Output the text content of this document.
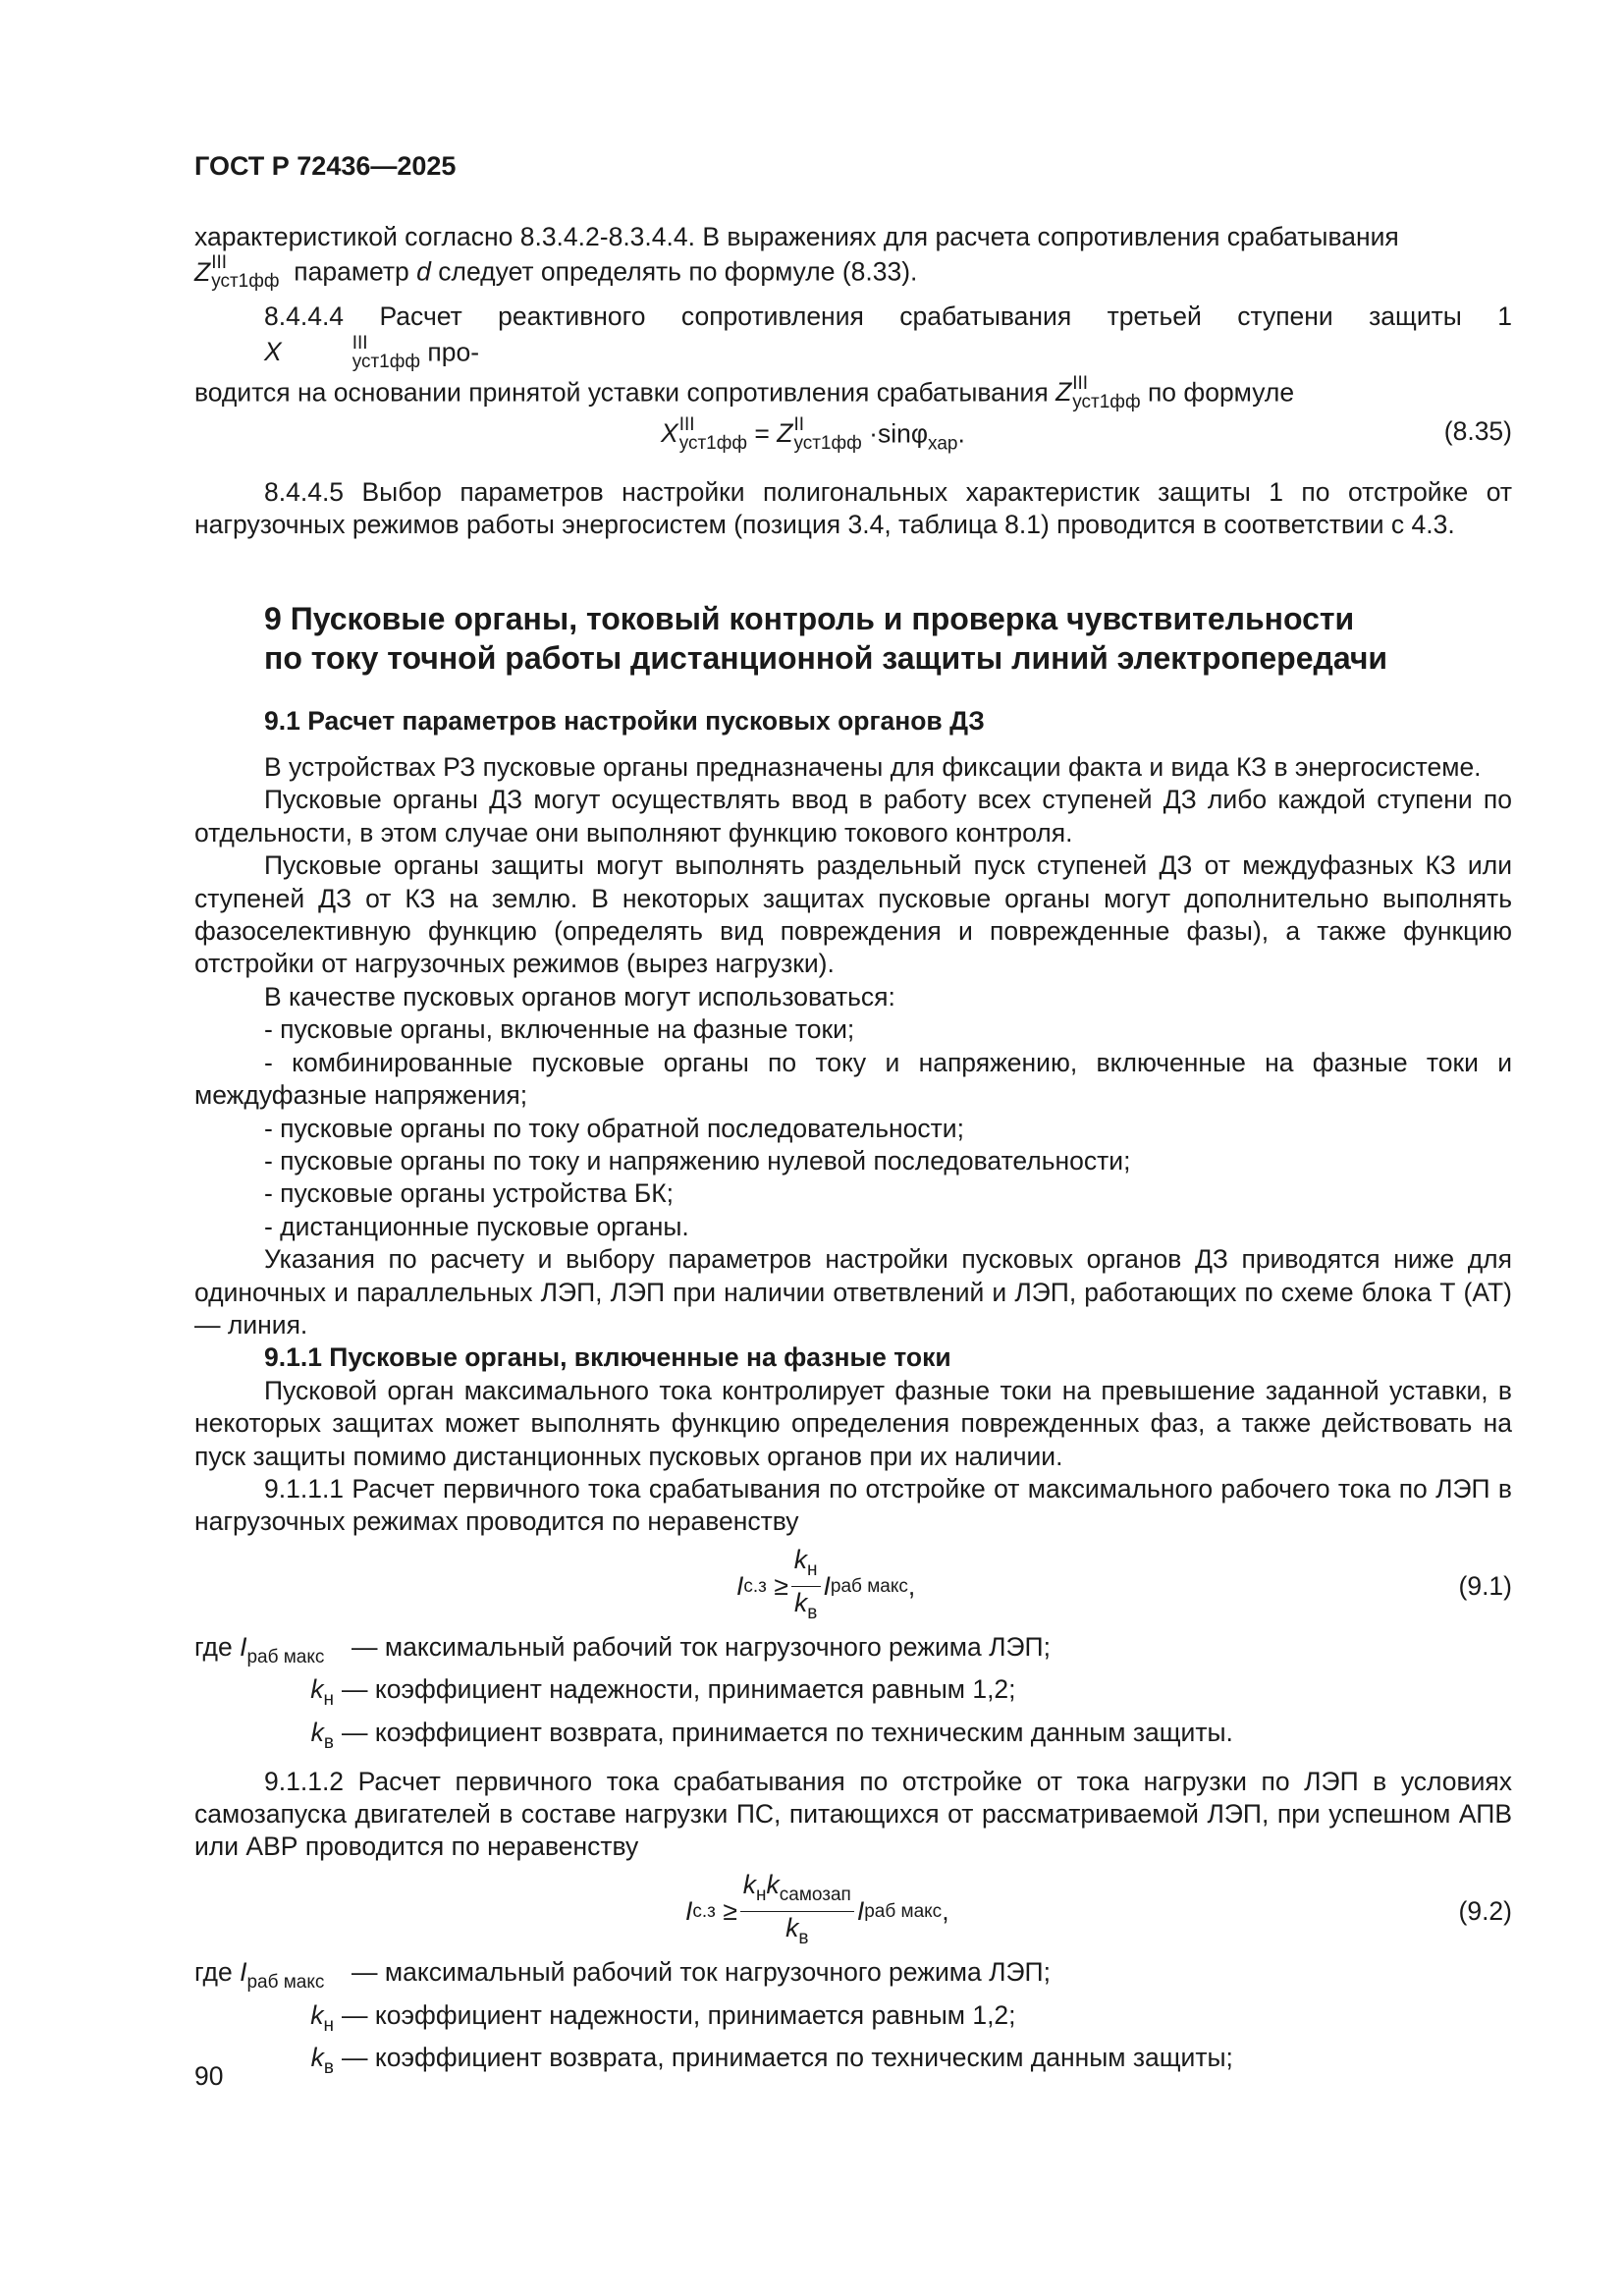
ГОСТ Р 72436—2025

характеристикой согласно 8.3.4.2-8.3.4.4. В выражениях для расчета сопротивления срабатывания

Z III
уст1фф параметр d следует определять по формуле (8.33).

8.4.4.4 Расчет реактивного сопротивления срабатывания третьей ступени защиты 1
X	III
уст1фф про-

водится на основании принятой уставки сопротивления срабатывания Z III
уст1фф по формуле

X III
уст1фф = Z II
уст1фф ·sinφ$_{хар}$.	(8.35)

8.4.4.5 Выбор параметров настройки полигональных характеристик защиты 1 по отстройке от нагрузочных режимов работы энергосистем (позиция 3.4, таблица 8.1) проводится в соответствии с 4.3.

9 Пусковые органы, токовый контроль и проверка чувствительности
по току точной работы дистанционной защиты линий электропередачи
9.1 Расчет параметров настройки пусковых органов ДЗ

В устройствах РЗ пусковые органы предназначены для фиксации факта и вида КЗ в энергосистеме.

Пусковые органы ДЗ могут осуществлять ввод в работу всех ступеней ДЗ либо каждой ступени по отдельности, в этом случае они выполняют функцию токового контроля.

Пусковые органы защиты могут выполнять раздельный пуск ступеней ДЗ от междуфазных КЗ или ступеней ДЗ от КЗ на землю. В некоторых защитах пусковые органы могут дополнительно выполнять фазоселективную функцию (определять вид повреждения и поврежденные фазы), а также функцию отстройки от нагрузочных режимов (вырез нагрузки).

В качестве пусковых органов могут использоваться:

- пусковые органы, включенные на фазные токи;

- комбинированные пусковые органы по току и напряжению, включенные на фазные токи и междуфазные напряжения;

- пусковые органы по току обратной последовательности;

- пусковые органы по току и напряжению нулевой последовательности;

- пусковые органы устройства БК;

- дистанционные пусковые органы.

Указания по расчету и выбору параметров настройки пусковых органов ДЗ приводятся ниже для одиночных и параллельных ЛЭП, ЛЭП при наличии ответвлений и ЛЭП, работающих по схеме блока Т (АТ) — линия.

9.1.1 Пусковые органы, включенные на фазные токи

Пусковой орган максимального тока контролирует фазные токи на превышение заданной уставки, в некоторых защитах может выполнять функцию определения поврежденных фаз, а также действовать на пуск защиты помимо дистанционных пусковых органов при их наличии.

9.1.1.1 Расчет первичного тока срабатывания по отстройке от максимального рабочего тока по ЛЭП в нагрузочных режимах проводится по неравенству

I с.з
≥ $\frac{k_н}{k_в}$ I раб макс ,	(9.1)
где $I_{раб макс}$	— максимальный рабочий ток нагрузочного режима ЛЭП;
$k_н$ — коэффициент надежности, принимается равным 1,2;
$k_в$ — коэффициент возврата, принимается по техническим данным защиты.

9.1.1.2 Расчет первичного тока срабатывания по отстройке от тока нагрузки по ЛЭП в условиях самозапуска двигателей в составе нагрузки ПС, питающихся от рассматриваемой ЛЭП, при успешном АПВ или АВР проводится по неравенству

I с.з
≥ $\frac{k_нk_{самозап}}{k_в}$ I раб макс ,	(9.2)
где $I_{раб макс}$	— максимальный рабочий ток нагрузочного режима ЛЭП;
$k_н$ — коэффициент надежности, принимается равным 1,2;
$k_в$ — коэффициент возврата, принимается по техническим данным защиты;
90
